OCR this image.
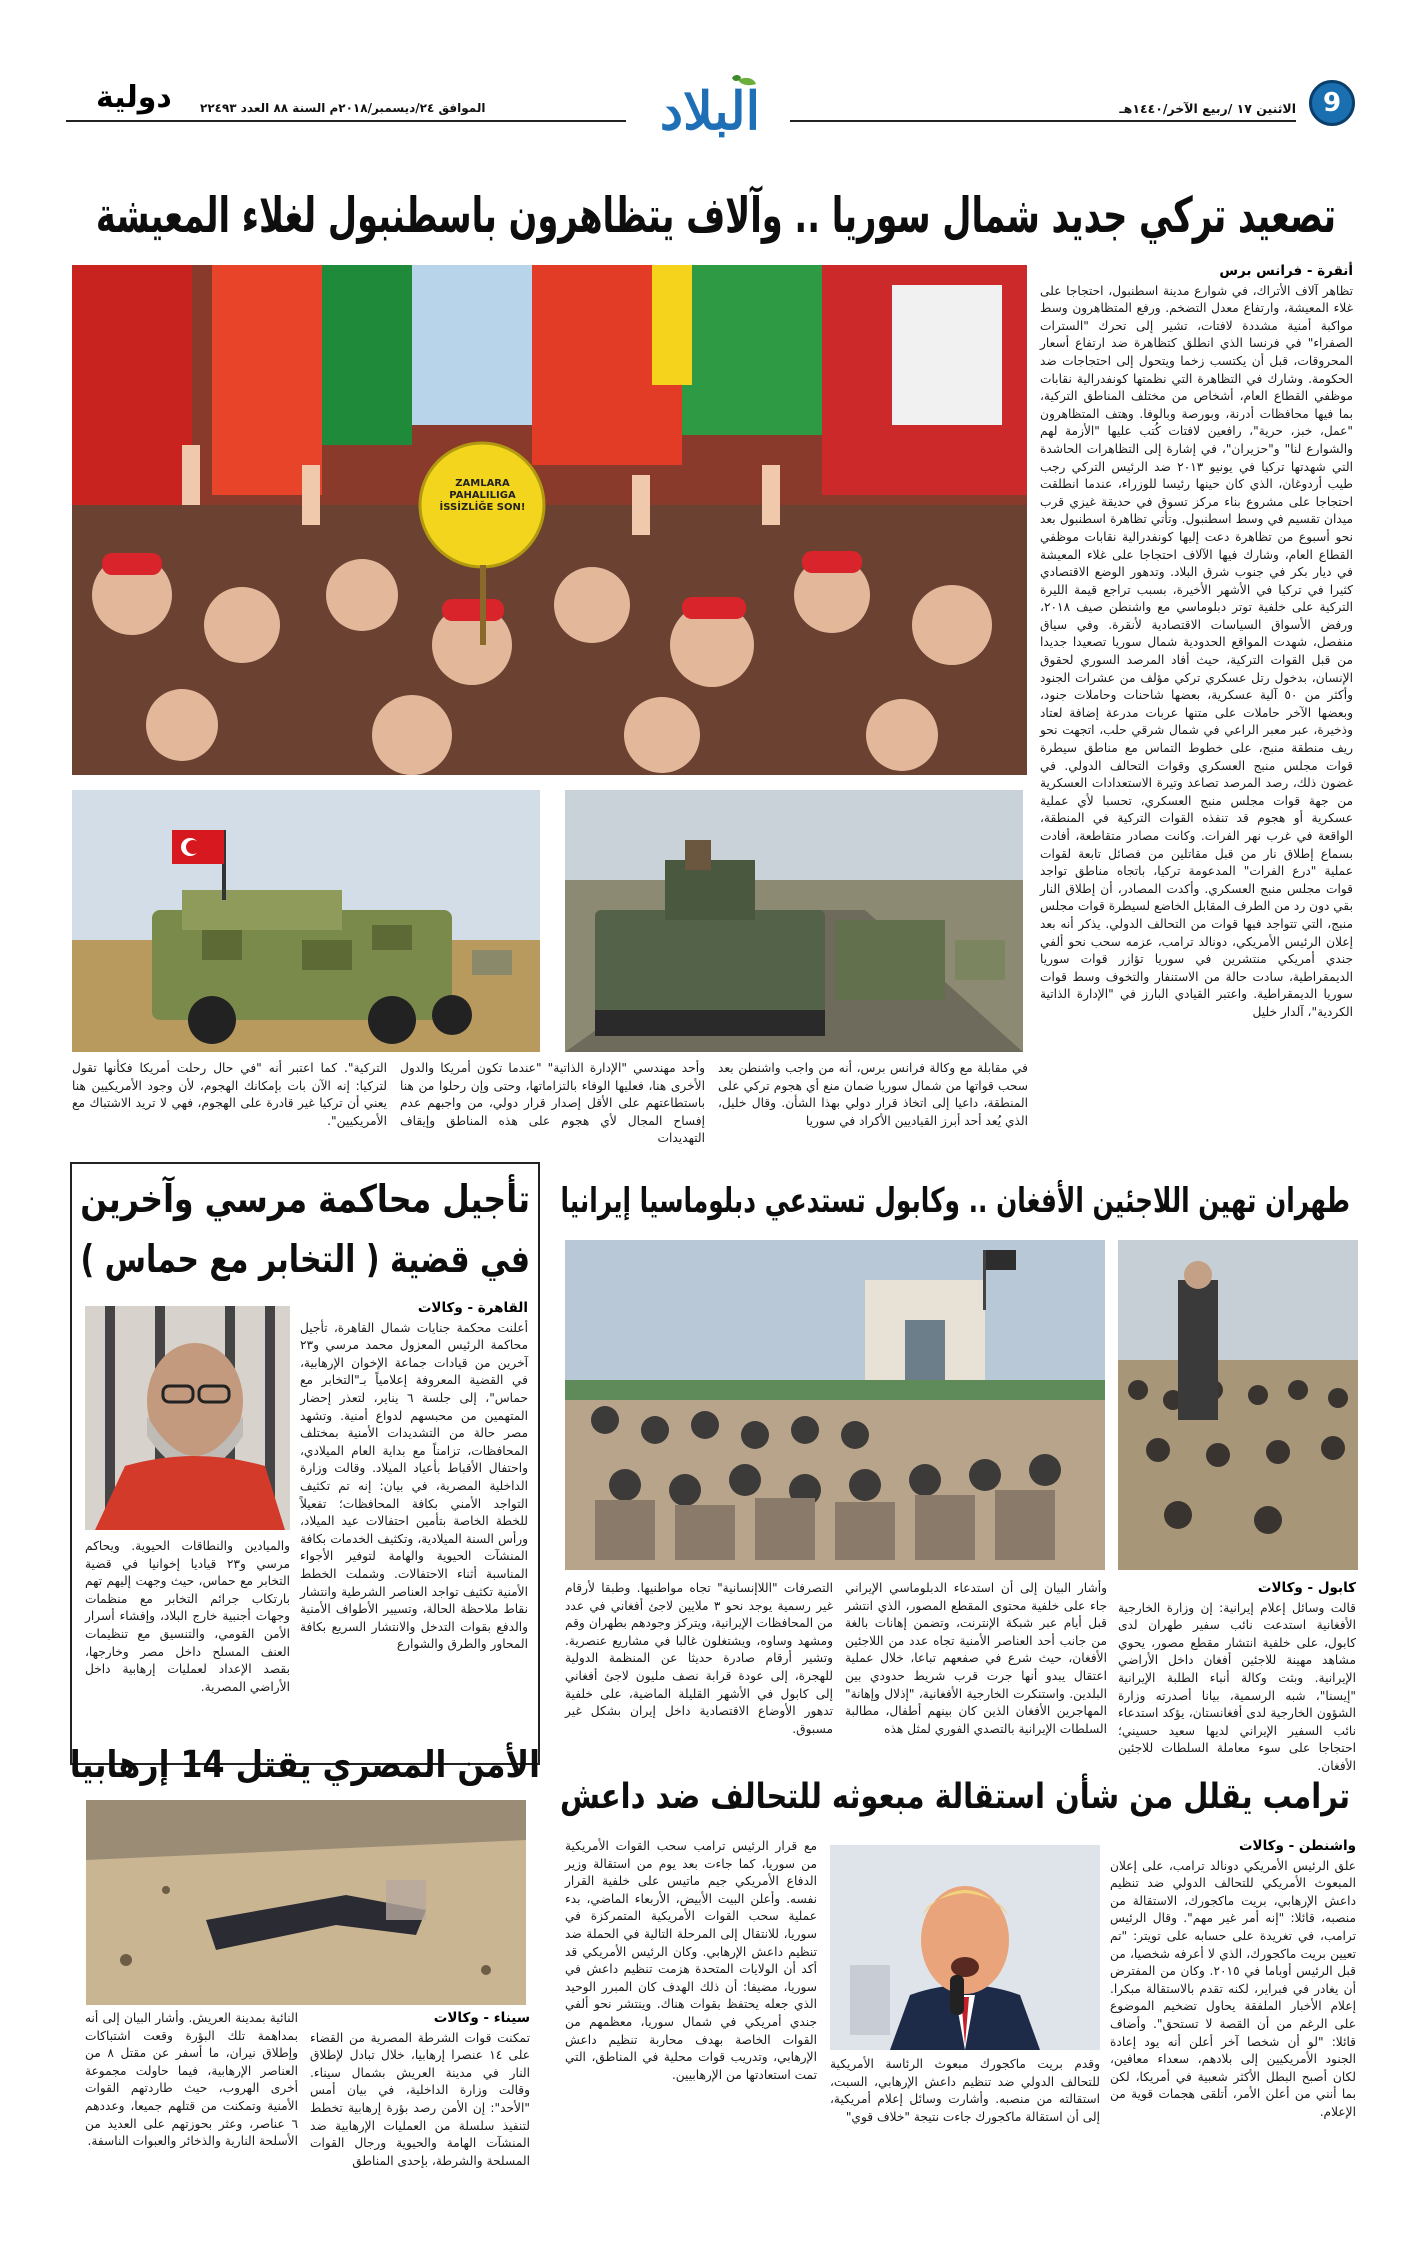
9
الاثنين ١٧ /ربيع الآخر/١٤٤٠هـ
البلاد
الموافق ٢٤/ديسمبر/٢٠١٨م السنة ٨٨ العدد ٢٢٤٩٣
دولية
تصعيد تركي جديد شمال سوريا .. وآلاف يتظاهرون باسطنبول لغلاء المعيشة
ZAMLARA PAHALILIGA İSSİZLİĞE SON!
أنقرة - فرانس برس

تظاهر آلاف الأتراك، في شوارع مدينة اسطنبول، احتجاجا على غلاء المعيشة، وارتفاع معدل التضخم. ورفع المتظاهرون وسط مواكبة أمنية مشددة لافتات، تشير إلى تحرك "السترات الصفراء" في فرنسا الذي انطلق كتظاهرة ضد ارتفاع أسعار المحروقات، قبل أن يكتسب زخما ويتحول إلى احتجاجات ضد الحكومة. وشارك في التظاهرة التي نظمتها كونفدرالية نقابات موظفي القطاع العام، أشخاص من مختلف المناطق التركية، بما فيها محافظات أدرنة، وبورصة وبالوفا. وهتف المتظاهرون "عمل، خبز، حرية"، رافعين لافتات كُتب عليها "الأزمة لهم والشوارع لنا" و"حزيران"، في إشارة إلى التظاهرات الحاشدة التي شهدتها تركيا في يونيو ٢٠١٣ ضد الرئيس التركي رجب طيب أردوغان، الذي كان حينها رئيسا للوزراء، عندما انطلقت احتجاجا على مشروع بناء مركز تسوق في حديقة غيزي قرب ميدان تقسيم في وسط اسطنبول. وتأتي تظاهرة اسطنبول بعد نحو أسبوع من تظاهرة دعت إليها كونفدرالية نقابات موظفي القطاع العام، وشارك فيها الآلاف احتجاجا على غلاء المعيشة في ديار بكر في جنوب شرق البلاد. وتدهور الوضع الاقتصادي كثيرا في تركيا في الأشهر الأخيرة، بسبب تراجع قيمة الليرة التركية على خلفية توتر دبلوماسي مع واشنطن صيف ٢٠١٨، ورفض الأسواق السياسات الاقتصادية لأنقرة. وفي سياق منفصل، شهدت المواقع الحدودية شمال سوريا تصعيدا جديدا من قبل القوات التركية، حيث أفاد المرصد السوري لحقوق الإنسان، بدخول رتل عسكري تركي مؤلف من عشرات الجنود وأكثر من ٥٠ آلية عسكرية، بعضها شاحنات وحاملات جنود، وبعضها الآخر حاملات على متنها عربات مدرعة إضافة لعتاد وذخيرة، عبر معبر الراعي في شمال شرقي حلب، اتجهت نحو ريف منطقة منبج، على خطوط التماس مع مناطق سيطرة قوات مجلس منبج العسكري وقوات التحالف الدولي. في غضون ذلك، رصد المرصد تصاعد وتيرة الاستعدادات العسكرية من جهة قوات مجلس منبج العسكري، تحسبا لأي عملية عسكرية أو هجوم قد تنفذه القوات التركية في المنطقة، الواقعة في غرب نهر الفرات. وكانت مصادر متقاطعة، أفادت بسماع إطلاق نار من قبل مقاتلين من فصائل تابعة لقوات عملية "درع الفرات" المدعومة تركيا، باتجاه مناطق تواجد قوات مجلس منبج العسكري. وأكدت المصادر، أن إطلاق النار بقي دون رد من الطرف المقابل الخاضع لسيطرة قوات مجلس منبج، التي تتواجد فيها قوات من التحالف الدولي. يذكر أنه بعد إعلان الرئيس الأمريكي، دونالد ترامب، عزمه سحب نحو ألفي جندي أمريكي منتشرين في سوريا تؤازر قوات سوريا الديمقراطية، سادت حالة من الاستنفار والتخوف وسط قوات سوريا الديمقراطية. واعتبر القيادي البارز في "الإدارة الذاتية الكردية"، آلدار خليل

في مقابلة مع وكالة فرانس برس، أنه من واجب واشنطن بعد سحب قواتها من شمال سوريا ضمان منع أي هجوم تركي على المنطقة، داعيا إلى اتخاذ قرار دولي بهذا الشأن. وقال خليل، الذي يُعد أحد أبرز القياديين الأكراد في سوريا

وأحد مهندسي "الإدارة الذاتية" "عندما تكون أمريكا والدول الأخرى هنا، فعليها الوفاء بالتزاماتها، وحتى وإن رحلوا من هنا باستطاعتهم على الأقل إصدار قرار دولي، من واجبهم عدم إفساح المجال لأي هجوم على هذه المناطق وإيقاف التهديدات

التركية". كما اعتبر أنه "في حال رحلت أمريكا فكأنها تقول لتركيا: إنه الآن بات بإمكانك الهجوم، لأن وجود الأمريكيين هنا يعني أن تركيا غير قادرة على الهجوم، فهي لا تريد الاشتباك مع الأمريكيين".

تأجيل محاكمة مرسي وآخرين
في قضية ( التخابر مع حماس )
القاهرة - وكالات

أعلنت محكمة جنايات شمال القاهرة، تأجيل محاكمة الرئيس المعزول محمد مرسي و٢٣ آخرين من قيادات جماعة الإخوان الإرهابية، في القضية المعروفة إعلامياً بـ"التخابر مع حماس"، إلى جلسة ٦ يناير، لتعذر إحضار المتهمين من محبسهم لدواع أمنية. وتشهد مصر حالة من التشديدات الأمنية بمختلف المحافظات، تزامناً مع بداية العام الميلادي، واحتفال الأقباط بأعياد الميلاد. وقالت وزارة الداخلية المصرية، في بيان: إنه تم تكثيف التواجد الأمني بكافة المحافظات؛ تفعيلاً للخطة الخاصة بتأمين احتفالات عيد الميلاد، ورأس السنة الميلادية، وتكثيف الخدمات بكافة المنشآت الحيوية والهامة لتوفير الأجواء المناسبة أثناء الاحتفالات. وشملت الخطط الأمنية تكثيف تواجد العناصر الشرطية وانتشار نقاط ملاحظة الحالة، وتسيير الأطواف الأمنية والدفع بقوات التدخل والانتشار السريع بكافة المحاور والطرق والشوارع

والميادين والنطاقات الحيوية. ويحاكم مرسي و٢٣ قياديا إخوانيا في قضية التخابر مع حماس، حيث وجهت إليهم تهم بارتكاب جرائم التخابر مع منظمات وجهات أجنبية خارج البلاد، وإفشاء أسرار الأمن القومي، والتنسيق مع تنظيمات العنف المسلح داخل مصر وخارجها، بقصد الإعداد لعمليات إرهابية داخل الأراضي المصرية.

الأمن المصري يقتل 14 إرهابيا
سيناء - وكالات

تمكنت قوات الشرطة المصرية من القضاء على ١٤ عنصرا إرهابيا، خلال تبادل لإطلاق النار في مدينة العريش بشمال سيناء. وقالت وزارة الداخلية، في بيان أمس "الأحد": إن الأمن رصد بؤرة إرهابية تخطط لتنفيذ سلسلة من العمليات الإرهابية ضد المنشآت الهامة والحيوية ورجال القوات المسلحة والشرطة، بإحدى المناطق

النائية بمدينة العريش. وأشار البيان إلى أنه بمداهمة تلك البؤرة وقعت اشتباكات وإطلاق نيران، ما أسفر عن مقتل ٨ من العناصر الإرهابية، فيما حاولت مجموعة أخرى الهروب، حيث طاردتهم القوات الأمنية وتمكنت من قتلهم جميعا، وعددهم ٦ عناصر، وعثر بحوزتهم على العديد من الأسلحة النارية والذخائر والعبوات الناسفة.

طهران تهين اللاجئين الأفغان .. وكابول تستدعي دبلوماسيا إيرانيا
كابول - وكالات

قالت وسائل إعلام إيرانية: إن وزارة الخارجية الأفغانية استدعت نائب سفير طهران لدى كابول، على خلفية انتشار مقطع مصور، يحوي مشاهد مهينة للاجئين أفغان داخل الأراضي الإيرانية. وبثت وكالة أنباء الطلبة الإيرانية "إيسنا"، شبه الرسمية، بيانا أصدرته وزارة الشؤون الخارجية لدى أفغانستان، يؤكد استدعاء نائب السفير الإيراني لديها سعيد حسيني؛ احتجاجا على سوء معاملة السلطات للاجئين الأفغان.

وأشار البيان إلى أن استدعاء الدبلوماسي الإيراني جاء على خلفية محتوى المقطع المصور، الذي انتشر قبل أيام عبر شبكة الإنترنت، وتضمن إهانات بالغة من جانب أحد العناصر الأمنية تجاه عدد من اللاجئين الأفغان، حيث شرع في صفعهم تباعا، خلال عملية اعتقال يبدو أنها جرت قرب شريط حدودي بين البلدين. واستنكرت الخارجية الأفغانية، "إذلال وإهانة" المهاجرين الأفغان الذين كان بينهم أطفال، مطالبة السلطات الإيرانية بالتصدي الفوري لمثل هذه

التصرفات "اللاإنسانية" تجاه مواطنيها. وطبقا لأرقام غير رسمية يوجد نحو ٣ ملايين لاجئ أفغاني في عدد من المحافظات الإيرانية، ويتركز وجودهم بطهران وقم ومشهد وساوه، ويشتغلون غالبا في مشاريع عنصرية. وتشير أرقام صادرة حديثا عن المنظمة الدولية للهجرة، إلى عودة قرابة نصف مليون لاجئ أفغاني إلى كابول في الأشهر القليلة الماضية، على خلفية تدهور الأوضاع الاقتصادية داخل إيران بشكل غير مسبوق.

ترامب يقلل من شأن استقالة مبعوثه للتحالف ضد داعش
واشنطن - وكالات

علق الرئيس الأمريكي دونالد ترامب، على إعلان المبعوث الأمريكي للتحالف الدولي ضد تنظيم داعش الإرهابي، بريت ماكجورك، الاستقالة من منصبه، قائلا: "إنه أمر غير مهم". وقال الرئيس ترامب، في تغريدة على حسابه على تويتر: "تم تعيين بريت ماكجورك، الذي لا أعرفه شخصيا، من قبل الرئيس أوباما في ٢٠١٥. وكان من المفترض أن يغادر في فبراير، لكنه تقدم بالاستقالة مبكرا. إعلام الأخبار الملفقة يحاول تضخيم الموضوع على الرغم من أن القصة لا تستحق". وأضاف قائلا: "لو أن شخصا آخر أعلن أنه يود إعادة الجنود الأمريكيين إلى بلادهم، سعداء معافين، لكان أصبح البطل الأكثر شعبية في أمريكا، لكن بما أنني من أعلن الأمر، أتلقى هجمات قوية من الإعلام.

وقدم بريت ماكجورك مبعوث الرئاسة الأمريكية للتحالف الدولي ضد تنظيم داعش الإرهابي، السبت، استقالته من منصبه. وأشارت وسائل إعلام أمريكية، إلى أن استقالة ماكجورك جاءت نتيجة "خلاف قوي"

مع قرار الرئيس ترامب سحب القوات الأمريكية من سوريا، كما جاءت بعد يوم من استقالة وزير الدفاع الأمريكي جيم ماتيس على خلفية القرار نفسه. وأعلن البيت الأبيض، الأربعاء الماضي، بدء عملية سحب القوات الأمريكية المتمركزة في سوريا، للانتقال إلى المرحلة التالية في الحملة ضد تنظيم داعش الإرهابي. وكان الرئيس الأمريكي قد أكد أن الولايات المتحدة هزمت تنظيم داعش في سوريا، مضيفا: أن ذلك الهدف كان المبرر الوحيد الذي جعله يحتفظ بقوات هناك. وينتشر نحو ألفي جندي أمريكي في شمال سوريا، معظمهم من القوات الخاصة بهدف محاربة تنظيم داعش الإرهابي، وتدريب قوات محلية في المناطق، التي تمت استعادتها من الإرهابيين.
